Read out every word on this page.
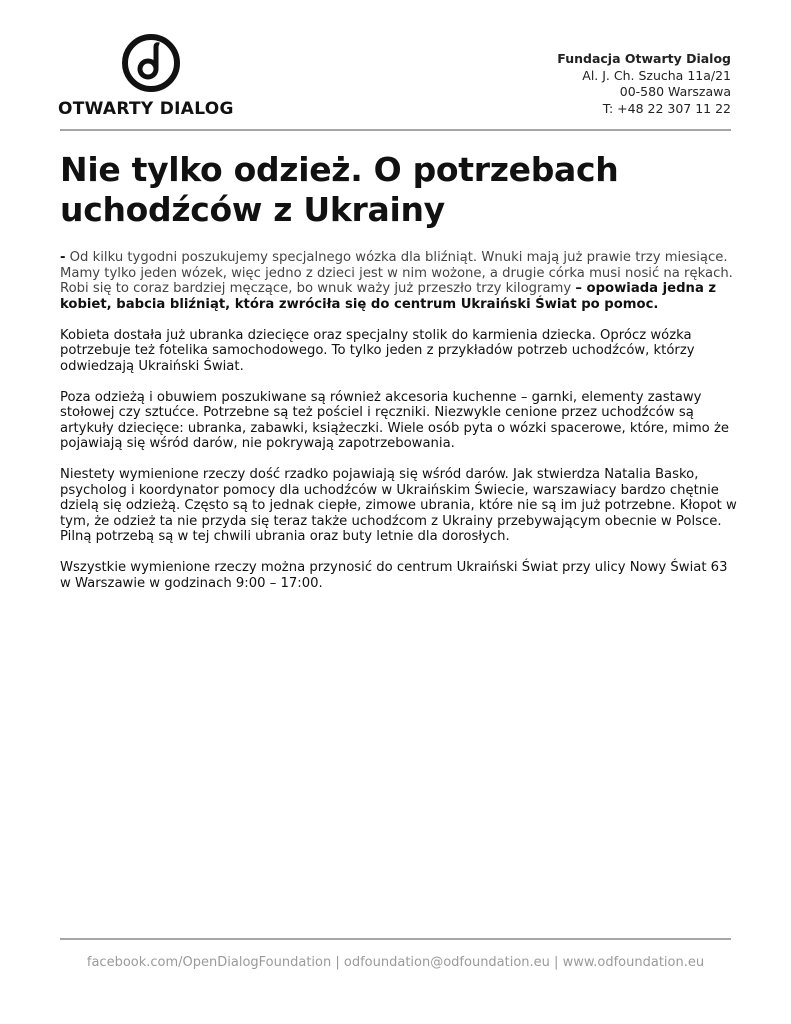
OTWARTY DIALOG
Fundacja Otwarty Dialog
Al. J. Ch. Szucha 11a/21
00-580 Warszawa
T: +48 22 307 11 22
Nie tylko odzież. O potrzebach uchodźców z Ukrainy

- Od kilku tygodni poszukujemy specjalnego wózka dla bliźniąt. Wnuki mają już prawie trzy miesiące. Mamy tylko jeden wózek, więc jedno z dzieci jest w nim wożone, a drugie córka musi nosić na rękach. Robi się to coraz bardziej męczące, bo wnuk waży już przeszło trzy kilogramy – opowiada jedna z kobiet, babcia bliźniąt, która zwróciła się do centrum Ukraiński Świat po pomoc.

Kobieta dostała już ubranka dziecięce oraz specjalny stolik do karmienia dziecka. Oprócz wózka potrzebuje też fotelika samochodowego. To tylko jeden z przykładów potrzeb uchodźców, którzy odwiedzają Ukraiński Świat.

Poza odzieżą i obuwiem poszukiwane są również akcesoria kuchenne – garnki, elementy zastawy stołowej czy sztućce. Potrzebne są też pościel i ręczniki. Niezwykle cenione przez uchodźców są artykuły dziecięce: ubranka, zabawki, książeczki. Wiele osób pyta o wózki spacerowe, które, mimo że pojawiają się wśród darów, nie pokrywają zapotrzebowania.

Niestety wymienione rzeczy dość rzadko pojawiają się wśród darów. Jak stwierdza Natalia Basko, psycholog i koordynator pomocy dla uchodźców w Ukraińskim Świecie, warszawiacy bardzo chętnie dzielą się odzieżą. Często są to jednak ciepłe, zimowe ubrania, które nie są im już potrzebne. Kłopot w tym, że odzież ta nie przyda się teraz także uchodźcom z Ukrainy przebywającym obecnie w Polsce. Pilną potrzebą są w tej chwili ubrania oraz buty letnie dla dorosłych.

Wszystkie wymienione rzeczy można przynosić do centrum Ukraiński Świat przy ulicy Nowy Świat 63 w Warszawie w godzinach 9:00 – 17:00.

facebook.com/OpenDialogFoundation | odfoundation@odfoundation.eu | www.odfoundation.eu
